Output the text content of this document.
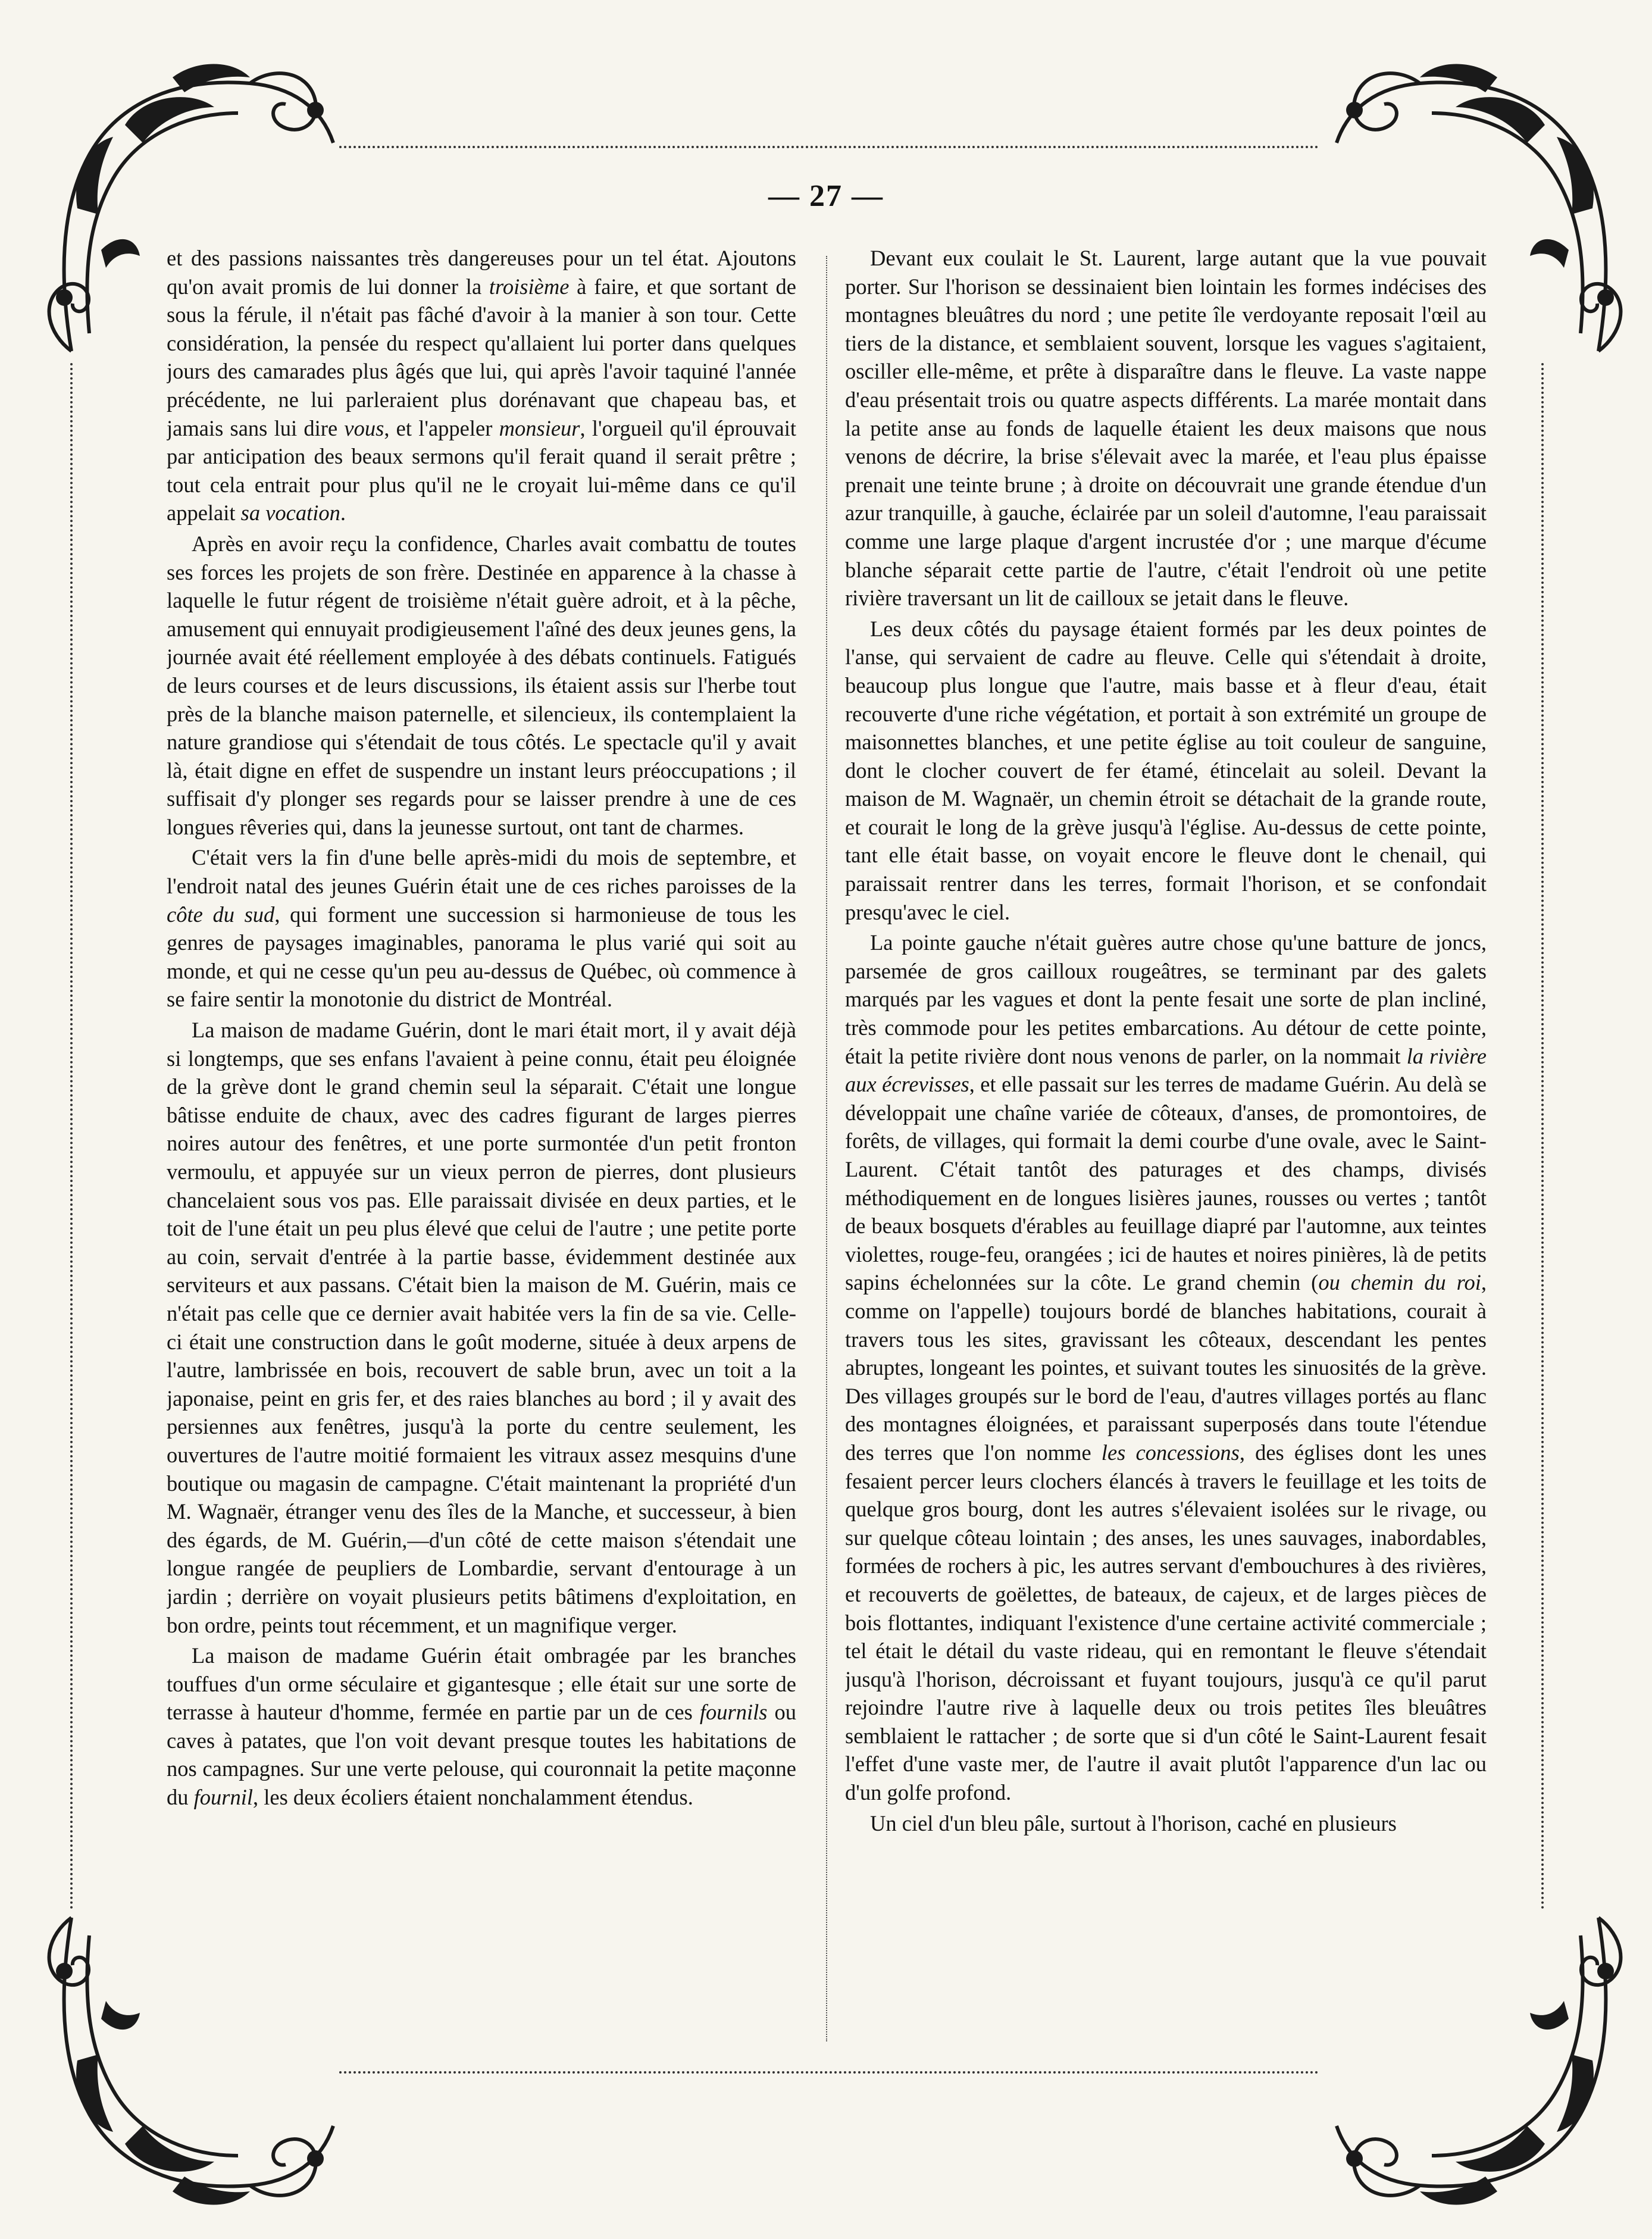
— 27 —

et des passions naissantes très dangereuses pour un tel état. Ajoutons qu'on avait promis de lui donner la troisième à faire, et que sortant de sous la férule, il n'était pas fâché d'avoir à la manier à son tour. Cette considération, la pensée du respect qu'allaient lui porter dans quelques jours des camarades plus âgés que lui, qui après l'avoir taquiné l'année précédente, ne lui parleraient plus dorénavant que chapeau bas, et jamais sans lui dire vous, et l'appeler monsieur, l'orgueil qu'il éprouvait par anticipation des beaux sermons qu'il ferait quand il serait prêtre ; tout cela entrait pour plus qu'il ne le croyait lui-même dans ce qu'il appelait sa vocation.

Après en avoir reçu la confidence, Charles avait combattu de toutes ses forces les projets de son frère. Destinée en apparence à la chasse à laquelle le futur régent de troisième n'était guère adroit, et à la pêche, amusement qui ennuyait prodigieusement l'aîné des deux jeunes gens, la journée avait été réellement employée à des débats continuels. Fatigués de leurs courses et de leurs discussions, ils étaient assis sur l'herbe tout près de la blanche maison paternelle, et silencieux, ils contemplaient la nature grandiose qui s'étendait de tous côtés. Le spectacle qu'il y avait là, était digne en effet de suspendre un instant leurs préoccupations ; il suffisait d'y plonger ses regards pour se laisser prendre à une de ces longues rêveries qui, dans la jeunesse surtout, ont tant de charmes.

C'était vers la fin d'une belle après-midi du mois de septembre, et l'endroit natal des jeunes Guérin était une de ces riches paroisses de la côte du sud, qui forment une succession si harmonieuse de tous les genres de paysages imaginables, panorama le plus varié qui soit au monde, et qui ne cesse qu'un peu au-dessus de Québec, où commence à se faire sentir la monotonie du district de Montréal.

La maison de madame Guérin, dont le mari était mort, il y avait déjà si longtemps, que ses enfans l'avaient à peine connu, était peu éloignée de la grève dont le grand chemin seul la séparait. C'était une longue bâtisse enduite de chaux, avec des cadres figurant de larges pierres noires autour des fenêtres, et une porte surmontée d'un petit fronton vermoulu, et appuyée sur un vieux perron de pierres, dont plusieurs chancelaient sous vos pas. Elle paraissait divisée en deux parties, et le toit de l'une était un peu plus élevé que celui de l'autre ; une petite porte au coin, servait d'entrée à la partie basse, évidemment destinée aux serviteurs et aux passans. C'était bien la maison de M. Guérin, mais ce n'était pas celle que ce dernier avait habitée vers la fin de sa vie. Celle-ci était une construction dans le goût moderne, située à deux arpens de l'autre, lambrissée en bois, recouvert de sable brun, avec un toit a la japonaise, peint en gris fer, et des raies blanches au bord ; il y avait des persiennes aux fenêtres, jusqu'à la porte du centre seulement, les ouvertures de l'autre moitié formaient les vitraux assez mesquins d'une boutique ou magasin de campagne. C'était maintenant la propriété d'un M. Wagnaër, étranger venu des îles de la Manche, et successeur, à bien des égards, de M. Guérin,—d'un côté de cette maison s'étendait une longue rangée de peupliers de Lombardie, servant d'entourage à un jardin ; derrière on voyait plusieurs petits bâtimens d'exploitation, en bon ordre, peints tout récemment, et un magnifique verger.

La maison de madame Guérin était ombragée par les branches touffues d'un orme séculaire et gigantesque ; elle était sur une sorte de terrasse à hauteur d'homme, fermée en partie par un de ces fournils ou caves à patates, que l'on voit devant presque toutes les habitations de nos campagnes. Sur une verte pelouse, qui couronnait la petite maçonne du fournil, les deux écoliers étaient nonchalamment étendus.

Devant eux coulait le St. Laurent, large autant que la vue pouvait porter. Sur l'horison se dessinaient bien lointain les formes indécises des montagnes bleuâtres du nord ; une petite île verdoyante reposait l'œil au tiers de la distance, et semblaient souvent, lorsque les vagues s'agitaient, osciller elle-même, et prête à disparaître dans le fleuve. La vaste nappe d'eau présentait trois ou quatre aspects différents. La marée montait dans la petite anse au fonds de laquelle étaient les deux maisons que nous venons de décrire, la brise s'élevait avec la marée, et l'eau plus épaisse prenait une teinte brune ; à droite on découvrait une grande étendue d'un azur tranquille, à gauche, éclairée par un soleil d'automne, l'eau paraissait comme une large plaque d'argent incrustée d'or ; une marque d'écume blanche séparait cette partie de l'autre, c'était l'endroit où une petite rivière traversant un lit de cailloux se jetait dans le fleuve.

Les deux côtés du paysage étaient formés par les deux pointes de l'anse, qui servaient de cadre au fleuve. Celle qui s'étendait à droite, beaucoup plus longue que l'autre, mais basse et à fleur d'eau, était recouverte d'une riche végétation, et portait à son extrémité un groupe de maisonnettes blanches, et une petite église au toit couleur de sanguine, dont le clocher couvert de fer étamé, étincelait au soleil. Devant la maison de M. Wagnaër, un chemin étroit se détachait de la grande route, et courait le long de la grève jusqu'à l'église. Au-dessus de cette pointe, tant elle était basse, on voyait encore le fleuve dont le chenail, qui paraissait rentrer dans les terres, formait l'horison, et se confondait presqu'avec le ciel.

La pointe gauche n'était guères autre chose qu'une batture de joncs, parsemée de gros cailloux rougeâtres, se terminant par des galets marqués par les vagues et dont la pente fesait une sorte de plan incliné, très commode pour les petites embarcations. Au détour de cette pointe, était la petite rivière dont nous venons de parler, on la nommait la rivière aux écrevisses, et elle passait sur les terres de madame Guérin. Au delà se développait une chaîne variée de côteaux, d'anses, de promontoires, de forêts, de villages, qui formait la demi courbe d'une ovale, avec le Saint-Laurent. C'était tantôt des paturages et des champs, divisés méthodiquement en de longues lisières jaunes, rousses ou vertes ; tantôt de beaux bosquets d'érables au feuillage diapré par l'automne, aux teintes violettes, rouge-feu, orangées ; ici de hautes et noires pinières, là de petits sapins échelonnées sur la côte. Le grand chemin (ou chemin du roi, comme on l'appelle) toujours bordé de blanches habitations, courait à travers tous les sites, gravissant les côteaux, descendant les pentes abruptes, longeant les pointes, et suivant toutes les sinuosités de la grève. Des villages groupés sur le bord de l'eau, d'autres villages portés au flanc des montagnes éloignées, et paraissant superposés dans toute l'étendue des terres que l'on nomme les concessions, des églises dont les unes fesaient percer leurs clochers élancés à travers le feuillage et les toits de quelque gros bourg, dont les autres s'élevaient isolées sur le rivage, ou sur quelque côteau lointain ; des anses, les unes sauvages, inabordables, formées de rochers à pic, les autres servant d'embouchures à des rivières, et recouverts de goëlettes, de bateaux, de cajeux, et de larges pièces de bois flottantes, indiquant l'existence d'une certaine activité commerciale ; tel était le détail du vaste rideau, qui en remontant le fleuve s'étendait jusqu'à l'horison, décroissant et fuyant toujours, jusqu'à ce qu'il parut rejoindre l'autre rive à laquelle deux ou trois petites îles bleuâtres semblaient le rattacher ; de sorte que si d'un côté le Saint-Laurent fesait l'effet d'une vaste mer, de l'autre il avait plutôt l'apparence d'un lac ou d'un golfe profond.

Un ciel d'un bleu pâle, surtout à l'horison, caché en plusieurs
